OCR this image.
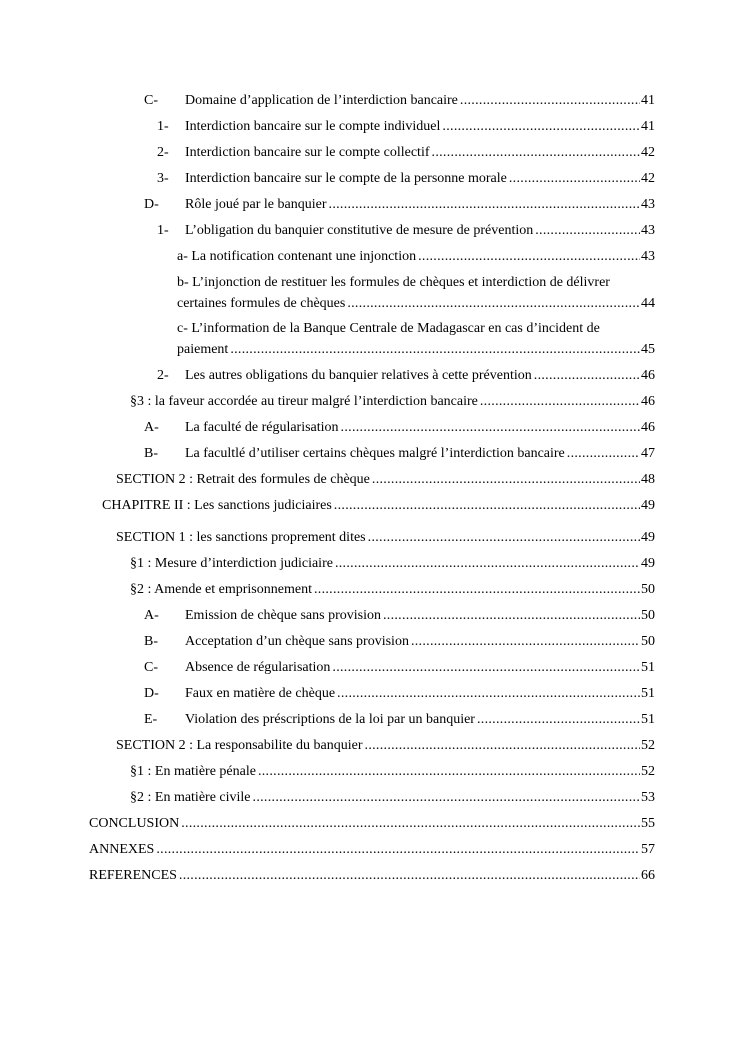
C-	Domaine d’application de l’interdiction bancaire .....	41
1-	Interdiction bancaire sur le compte individuel .....	41
2-	Interdiction bancaire sur le compte collectif .....	42
3-	Interdiction bancaire sur le compte de la personne morale .....	42
D-	Rôle joué par le banquier .....	43
1-	L’obligation du banquier constitutive de mesure de prévention .....	43
a- La notification contenant une injonction .....	43
b- L’injonction de restituer les formules de chèques et interdiction de délivrer
certaines formules de chèques .....	44
c- L’information de la Banque Centrale de Madagascar en cas d’incident de
paiement .....	45
2-	Les autres obligations du banquier relatives à cette prévention .....	46
§3 : la faveur accordée au tireur malgré l’interdiction bancaire .....	46
A-	La faculté de régularisation .....	46
B-	La facultlé d’utiliser certains chèques malgré l’interdiction bancaire .....	47
SECTION 2 : Retrait des formules de chèque .....	48
CHAPITRE II : Les sanctions judiciaires .....	49
SECTION 1 : les sanctions proprement dites .....	49
§1 : Mesure d’interdiction judiciaire .....	49
§2 : Amende et emprisonnement .....	50
A-	Emission de chèque sans provision .....	50
B-	Acceptation d’un chèque sans provision .....	50
C-	Absence de régularisation .....	51
D-	Faux en matière de chèque .....	51
E-	Violation des préscriptions de la loi par un banquier .....	51
SECTION 2 : La responsabilite du banquier .....	52
§1 : En matière pénale .....	52
§2 : En matière civile .....	53
CONCLUSION .....	55
ANNEXES .....	57
REFERENCES .....	66
